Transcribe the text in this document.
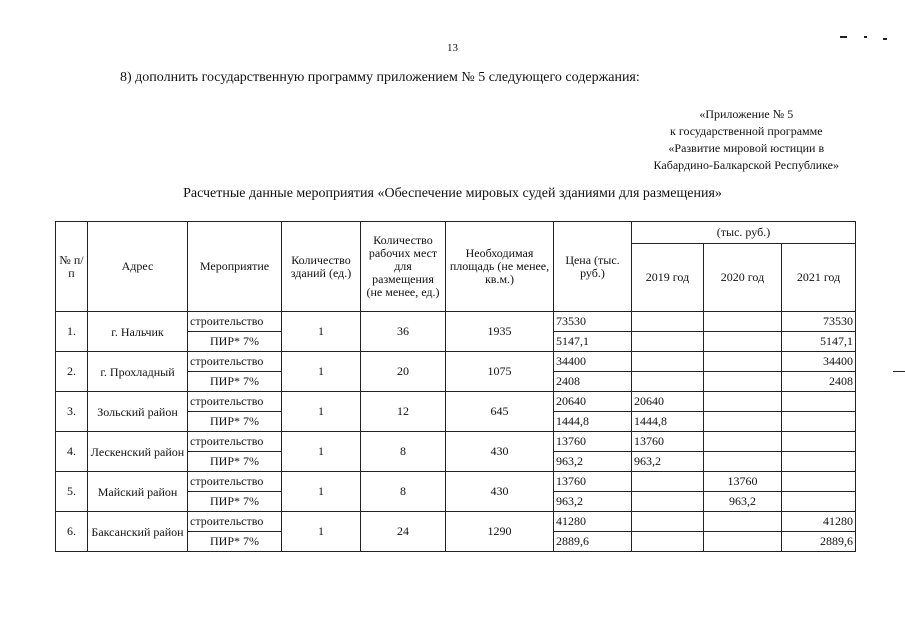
13
8) дополнить государственную программу приложением № 5 следующего содержания:
«Приложение № 5
к государственной программе
«Развитие мировой юстиции в
Кабардино-Балкарской Республике»
Расчетные данные мероприятия «Обеспечение мировых судей зданиями для размещения»
№ п/п	Адрес	Мероприятие	Количество зданий (ед.)	Количество рабочих мест для размещения (не менее, ед.)	Необходимая площадь (не менее, кв.м.)	Цена (тыс. руб.)	(тыс. руб.)		
							2019 год	2020 год	2021 год
1.	г. Нальчик	строительство	1	36	1935	73530			73530
		ПИР* 7%				5147,1			5147,1
2.	г. Прохладный	строительство	1	20	1075	34400			34400
		ПИР* 7%				2408			2408
3.	Зольский район	строительство	1	12	645	20640	20640		
		ПИР* 7%				1444,8	1444,8		
4.	Лескенский район	строительство	1	8	430	13760	13760		
		ПИР* 7%				963,2	963,2		
5.	Майский район	строительство	1	8	430	13760		13760	
		ПИР* 7%				963,2		963,2	
6.	Баксанский район	строительство	1	24	1290	41280			41280
		ПИР* 7%				2889,6			2889,6
